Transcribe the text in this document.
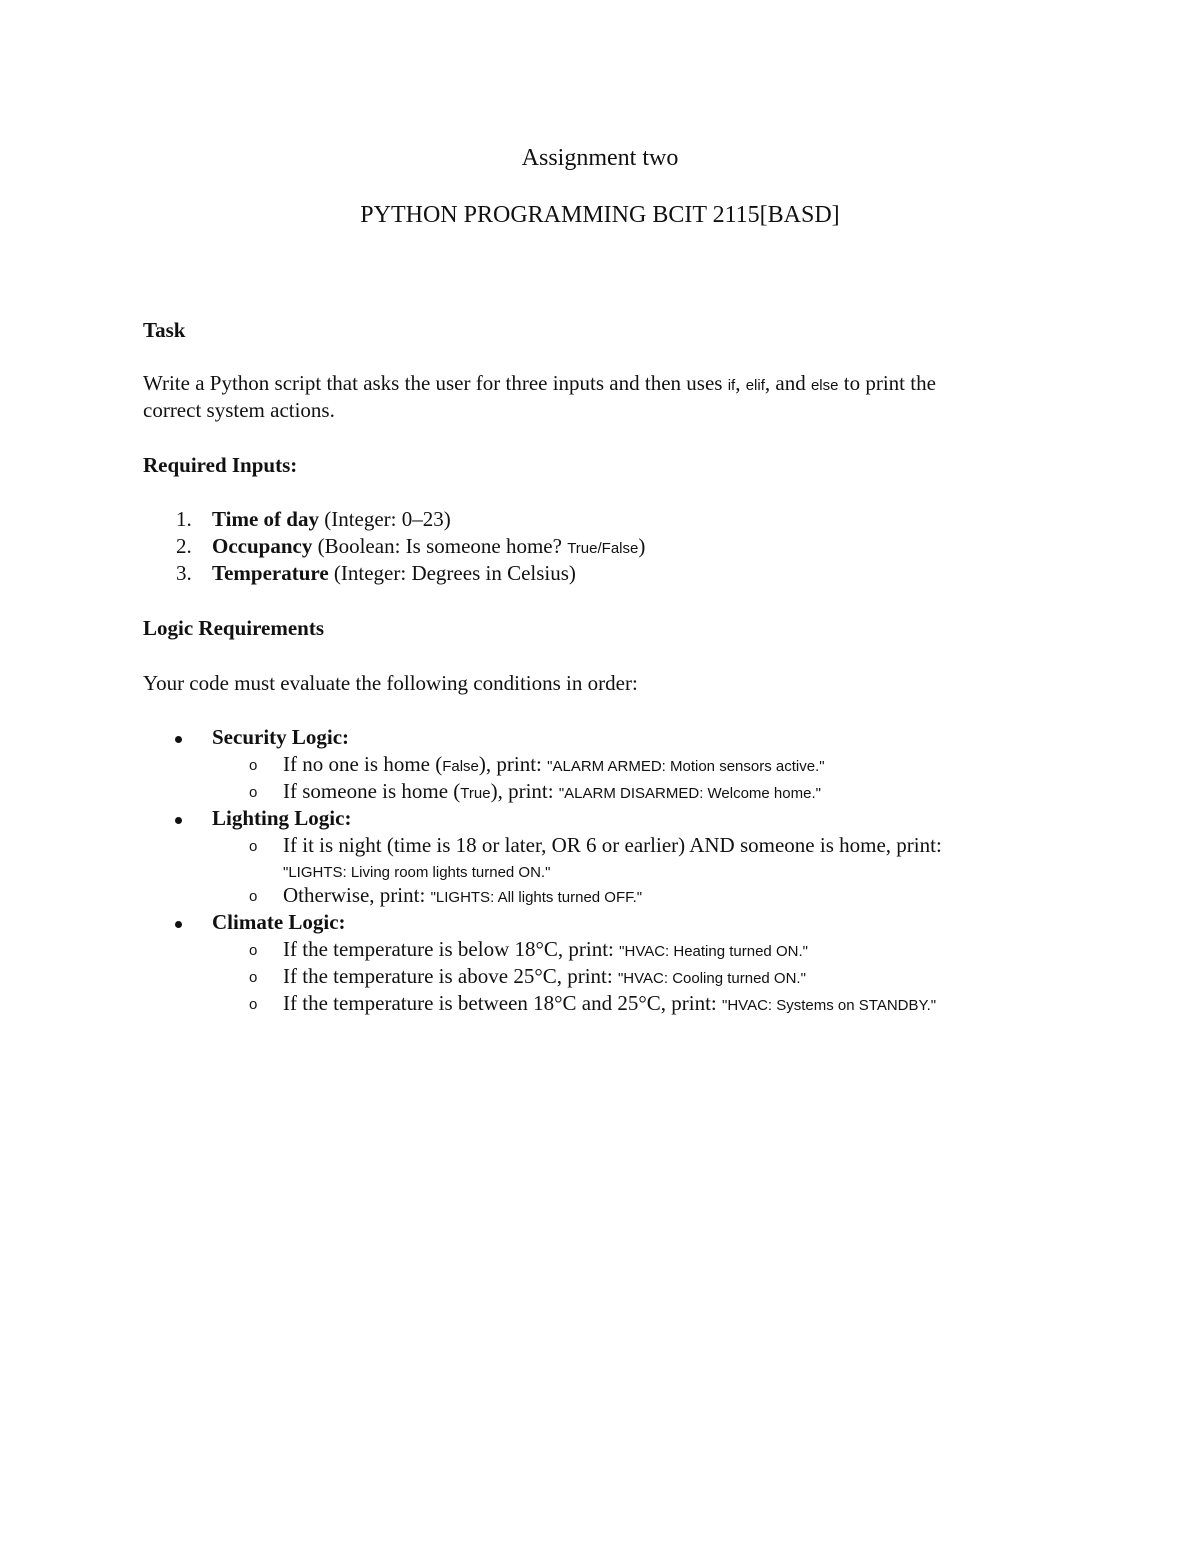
Assignment two
PYTHON PROGRAMMING BCIT 2115[BASD]
Task
Write a Python script that asks the user for three inputs and then uses if, elif, and else to print the
correct system actions.
Required Inputs:
1. Time of day (Integer: 0–23)
2. Occupancy (Boolean: Is someone home? True/False)
3. Temperature (Integer: Degrees in Celsius)
Logic Requirements
Your code must evaluate the following conditions in order:
Security Logic:
o If no one is home (False), print: "ALARM ARMED: Motion sensors active."
o If someone is home (True), print: "ALARM DISARMED: Welcome home."
Lighting Logic:
o If it is night (time is 18 or later, OR 6 or earlier) AND someone is home, print:
"LIGHTS: Living room lights turned ON."
o Otherwise, print: "LIGHTS: All lights turned OFF."
Climate Logic:
o If the temperature is below 18°C, print: "HVAC: Heating turned ON."
o If the temperature is above 25°C, print: "HVAC: Cooling turned ON."
o If the temperature is between 18°C and 25°C, print: "HVAC: Systems on STANDBY."
